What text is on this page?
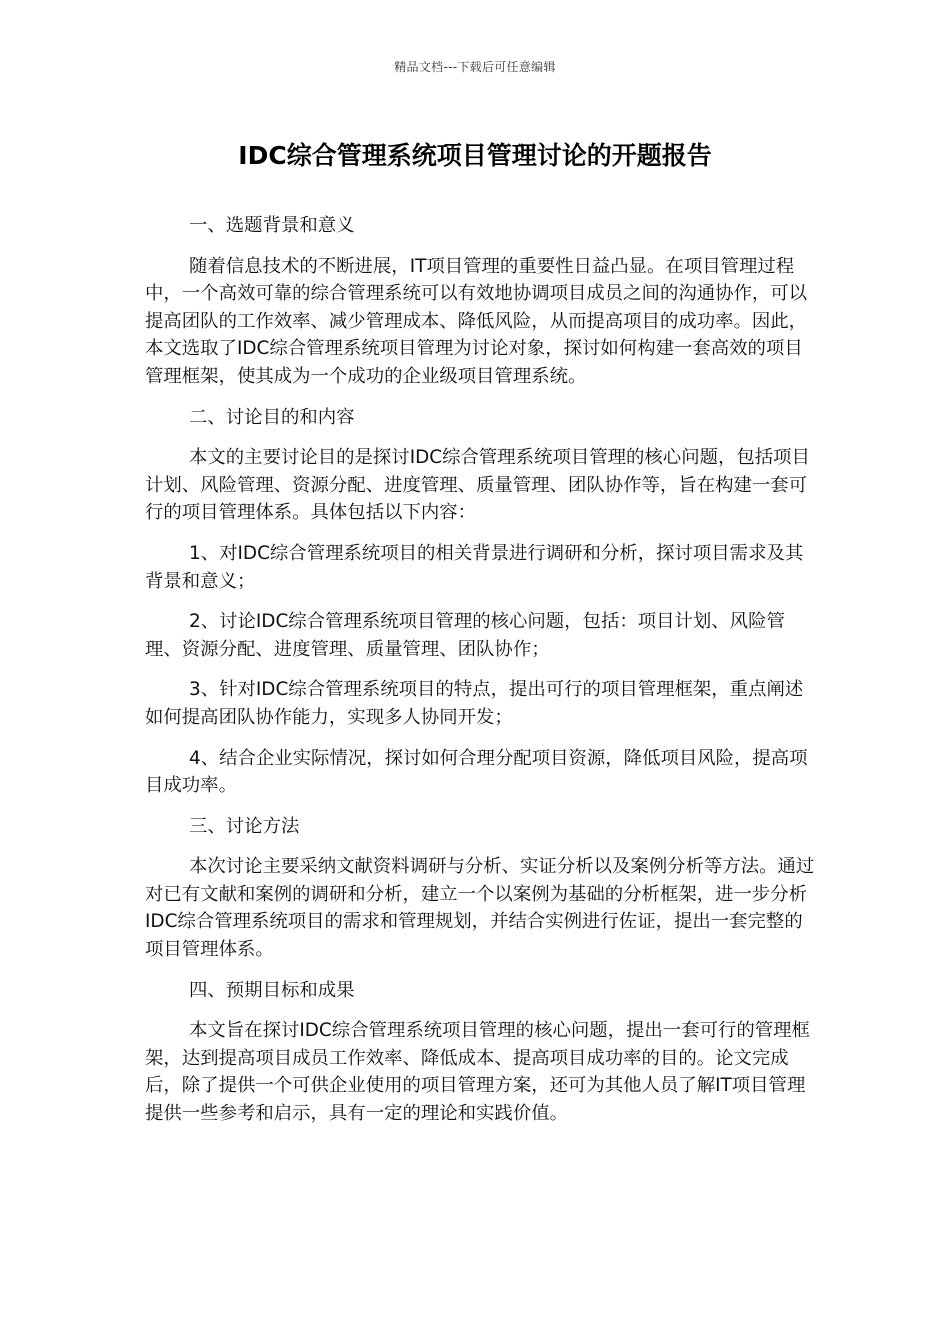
精品文档---下载后可任意编辑
IDC综合管理系统项目管理讨论的开题报告

一、选题背景和意义

随着信息技术的不断进展，IT项目管理的重要性日益凸显。在项目管理过程中，一个高效可靠的综合管理系统可以有效地协调项目成员之间的沟通协作，可以提高团队的工作效率、减少管理成本、降低风险，从而提高项目的成功率。因此，本文选取了IDC综合管理系统项目管理为讨论对象，探讨如何构建一套高效的项目管理框架，使其成为一个成功的企业级项目管理系统。

二、讨论目的和内容

本文的主要讨论目的是探讨IDC综合管理系统项目管理的核心问题，包括项目计划、风险管理、资源分配、进度管理、质量管理、团队协作等，旨在构建一套可行的项目管理体系。具体包括以下内容：

1、对IDC综合管理系统项目的相关背景进行调研和分析，探讨项目需求及其背景和意义；

2、讨论IDC综合管理系统项目管理的核心问题，包括：项目计划、风险管理、资源分配、进度管理、质量管理、团队协作；

3、针对IDC综合管理系统项目的特点，提出可行的项目管理框架，重点阐述如何提高团队协作能力，实现多人协同开发；

4、结合企业实际情况，探讨如何合理分配项目资源，降低项目风险，提高项目成功率。

三、讨论方法

本次讨论主要采纳文献资料调研与分析、实证分析以及案例分析等方法。通过对已有文献和案例的调研和分析，建立一个以案例为基础的分析框架，进一步分析IDC综合管理系统项目的需求和管理规划，并结合实例进行佐证，提出一套完整的项目管理体系。

四、预期目标和成果

本文旨在探讨IDC综合管理系统项目管理的核心问题，提出一套可行的管理框架，达到提高项目成员工作效率、降低成本、提高项目成功率的目的。论文完成后，除了提供一个可供企业使用的项目管理方案，还可为其他人员了解IT项目管理提供一些参考和启示，具有一定的理论和实践价值。
